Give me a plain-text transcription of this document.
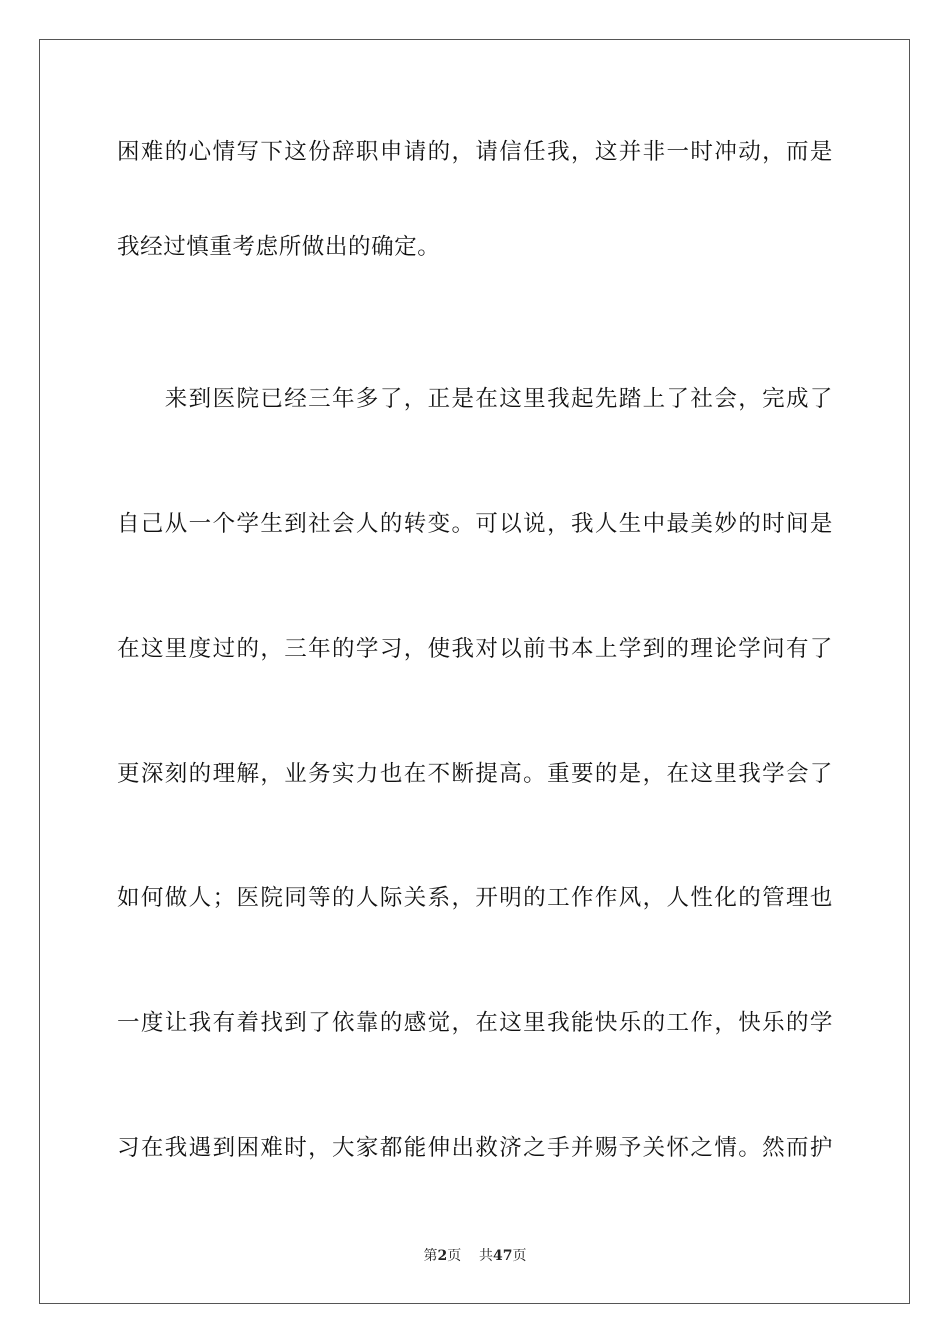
困难的心情写下这份辞职申请的，请信任我，这并非一时冲动，而是
我经过慎重考虑所做出的确定。
　　来到医院已经三年多了，正是在这里我起先踏上了社会，完成了
自己从一个学生到社会人的转变。可以说，我人生中最美妙的时间是
在这里度过的，三年的学习，使我对以前书本上学到的理论学问有了
更深刻的理解，业务实力也在不断提高。重要的是，在这里我学会了
如何做人；医院同等的人际关系，开明的工作作风，人性化的管理也
一度让我有着找到了依靠的感觉，在这里我能快乐的工作，快乐的学
习在我遇到困难时，大家都能伸出救济之手并赐予关怀之情。然而护
第2页 共47页
